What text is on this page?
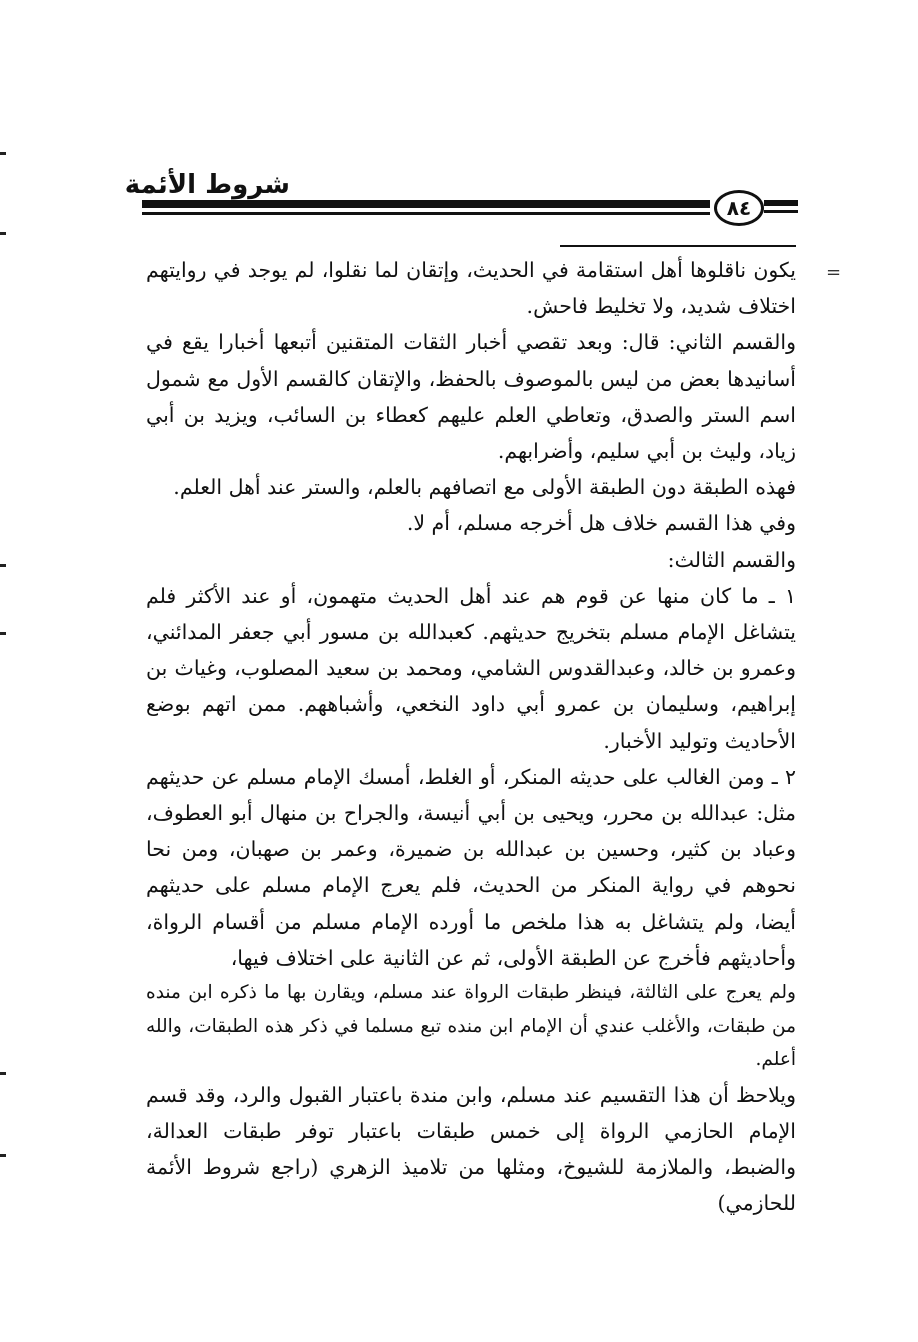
شروط الأئمة
٨٤
=

يكون ناقلوها أهل استقامة في الحديث، وإتقان لما نقلوا، لم يوجد في روايتهم اختلاف شديد، ولا تخليط فاحش.

والقسم الثاني: قال: وبعد تقصي أخبار الثقات المتقنين أتبعها أخبارا يقع في أسانيدها بعض من ليس بالموصوف بالحفظ، والإتقان كالقسم الأول مع شمول اسم الستر والصدق، وتعاطي العلم عليهم كعطاء بن السائب، ويزيد بن أبي زياد، وليث بن أبي سليم، وأضرابهم.

فهذه الطبقة دون الطبقة الأولى مع اتصافهم بالعلم، والستر عند أهل العلم.

وفي هذا القسم خلاف هل أخرجه مسلم، أم لا.

والقسم الثالث:

١ ـ ما كان منها عن قوم هم عند أهل الحديث متهمون، أو عند الأكثر فلم يتشاغل الإمام مسلم بتخريج حديثهم. كعبدالله بن مسور أبي جعفر المدائني، وعمرو بن خالد، وعبدالقدوس الشامي، ومحمد بن سعيد المصلوب، وغياث بن إبراهيم، وسليمان بن عمرو أبي داود النخعي، وأشباههم. ممن اتهم بوضع الأحاديث وتوليد الأخبار.

٢ ـ ومن الغالب على حديثه المنكر، أو الغلط، أمسك الإمام مسلم عن حديثهم مثل: عبدالله بن محرر، ويحيى بن أبي أنيسة، والجراح بن منهال أبو العطوف، وعباد بن كثير، وحسين بن عبدالله بن ضميرة، وعمر بن صهبان، ومن نحا نحوهم في رواية المنكر من الحديث، فلم يعرج الإمام مسلم على حديثهم أيضا، ولم يتشاغل به هذا ملخص ما أورده الإمام مسلم من أقسام الرواة، وأحاديثهم فأخرج عن الطبقة الأولى، ثم عن الثانية على اختلاف فيها،

ولم يعرج على الثالثة، فينظر طبقات الرواة عند مسلم، ويقارن بها ما ذكره ابن منده من طبقات، والأغلب عندي أن الإمام ابن منده تبع مسلما في ذكر هذه الطبقات، والله أعلم.

ويلاحظ أن هذا التقسيم عند مسلم، وابن مندة باعتبار القبول والرد، وقد قسم الإمام الحازمي الرواة إلى خمس طبقات باعتبار توفر طبقات العدالة، والضبط، والملازمة للشيوخ، ومثلها من تلاميذ الزهري (راجع شروط الأئمة للحازمي)
